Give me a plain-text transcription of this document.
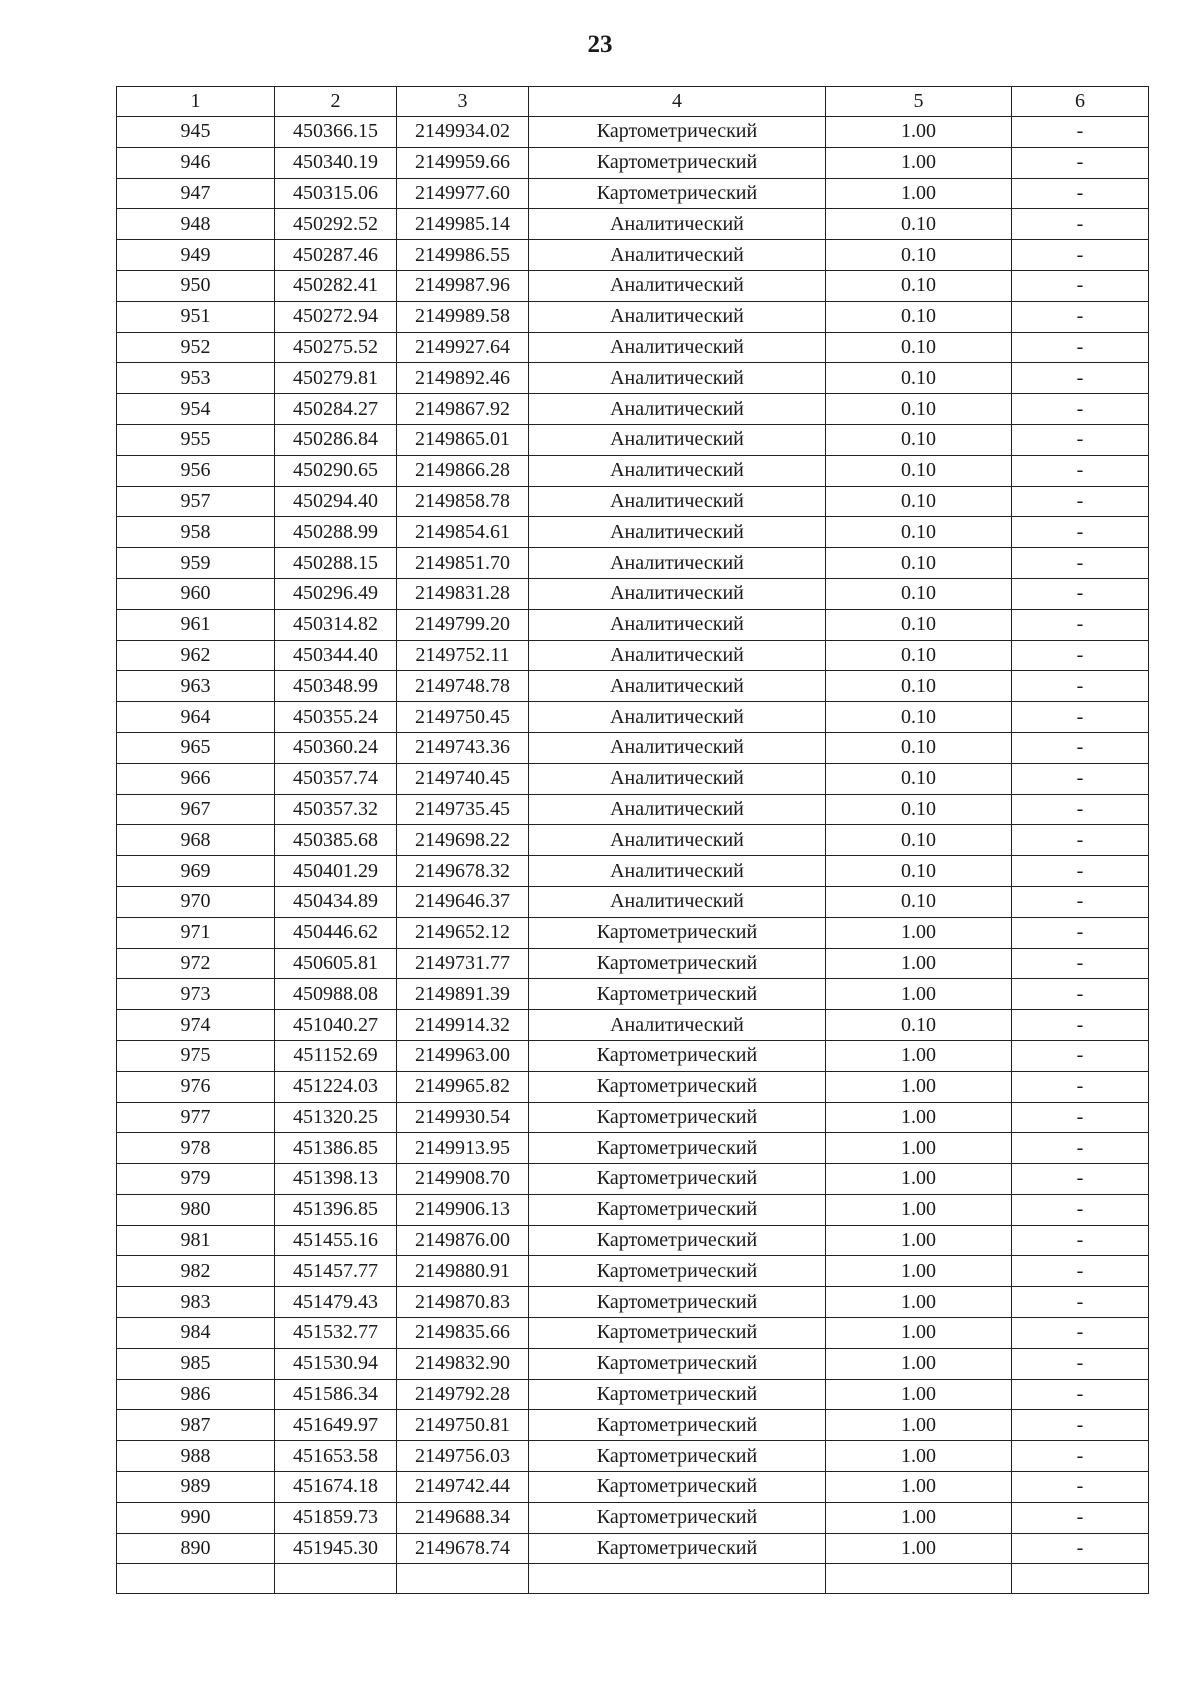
23
1	2	3	4	5	6
945	450366.15	2149934.02	Картометрический	1.00	-
946	450340.19	2149959.66	Картометрический	1.00	-
947	450315.06	2149977.60	Картометрический	1.00	-
948	450292.52	2149985.14	Аналитический	0.10	-
949	450287.46	2149986.55	Аналитический	0.10	-
950	450282.41	2149987.96	Аналитический	0.10	-
951	450272.94	2149989.58	Аналитический	0.10	-
952	450275.52	2149927.64	Аналитический	0.10	-
953	450279.81	2149892.46	Аналитический	0.10	-
954	450284.27	2149867.92	Аналитический	0.10	-
955	450286.84	2149865.01	Аналитический	0.10	-
956	450290.65	2149866.28	Аналитический	0.10	-
957	450294.40	2149858.78	Аналитический	0.10	-
958	450288.99	2149854.61	Аналитический	0.10	-
959	450288.15	2149851.70	Аналитический	0.10	-
960	450296.49	2149831.28	Аналитический	0.10	-
961	450314.82	2149799.20	Аналитический	0.10	-
962	450344.40	2149752.11	Аналитический	0.10	-
963	450348.99	2149748.78	Аналитический	0.10	-
964	450355.24	2149750.45	Аналитический	0.10	-
965	450360.24	2149743.36	Аналитический	0.10	-
966	450357.74	2149740.45	Аналитический	0.10	-
967	450357.32	2149735.45	Аналитический	0.10	-
968	450385.68	2149698.22	Аналитический	0.10	-
969	450401.29	2149678.32	Аналитический	0.10	-
970	450434.89	2149646.37	Аналитический	0.10	-
971	450446.62	2149652.12	Картометрический	1.00	-
972	450605.81	2149731.77	Картометрический	1.00	-
973	450988.08	2149891.39	Картометрический	1.00	-
974	451040.27	2149914.32	Аналитический	0.10	-
975	451152.69	2149963.00	Картометрический	1.00	-
976	451224.03	2149965.82	Картометрический	1.00	-
977	451320.25	2149930.54	Картометрический	1.00	-
978	451386.85	2149913.95	Картометрический	1.00	-
979	451398.13	2149908.70	Картометрический	1.00	-
980	451396.85	2149906.13	Картометрический	1.00	-
981	451455.16	2149876.00	Картометрический	1.00	-
982	451457.77	2149880.91	Картометрический	1.00	-
983	451479.43	2149870.83	Картометрический	1.00	-
984	451532.77	2149835.66	Картометрический	1.00	-
985	451530.94	2149832.90	Картометрический	1.00	-
986	451586.34	2149792.28	Картометрический	1.00	-
987	451649.97	2149750.81	Картометрический	1.00	-
988	451653.58	2149756.03	Картометрический	1.00	-
989	451674.18	2149742.44	Картометрический	1.00	-
990	451859.73	2149688.34	Картометрический	1.00	-
890	451945.30	2149678.74	Картометрический	1.00	-
